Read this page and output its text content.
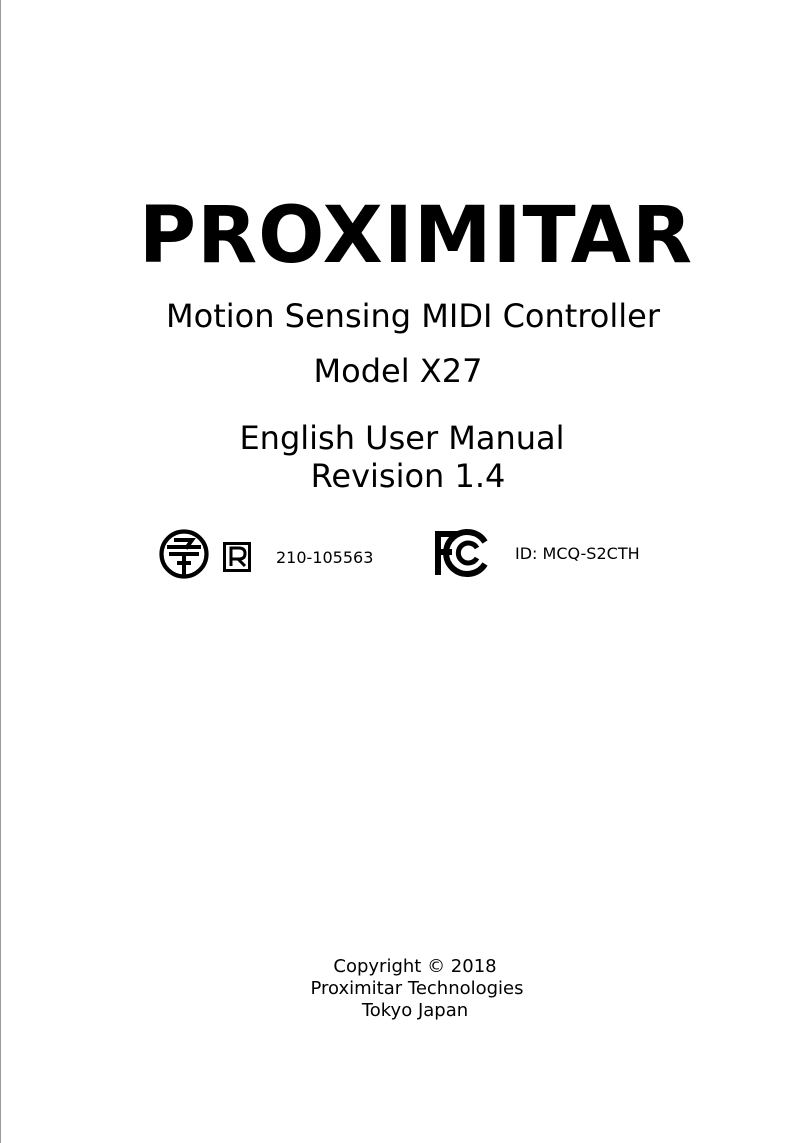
PROXIMITAR
Motion Sensing MIDI Controller
Model X27
English User Manual
Revision 1.4
210-105563	ID: MCQ-S2CTH
Copyright © 2018
Proximitar Technologies
Tokyo Japan
